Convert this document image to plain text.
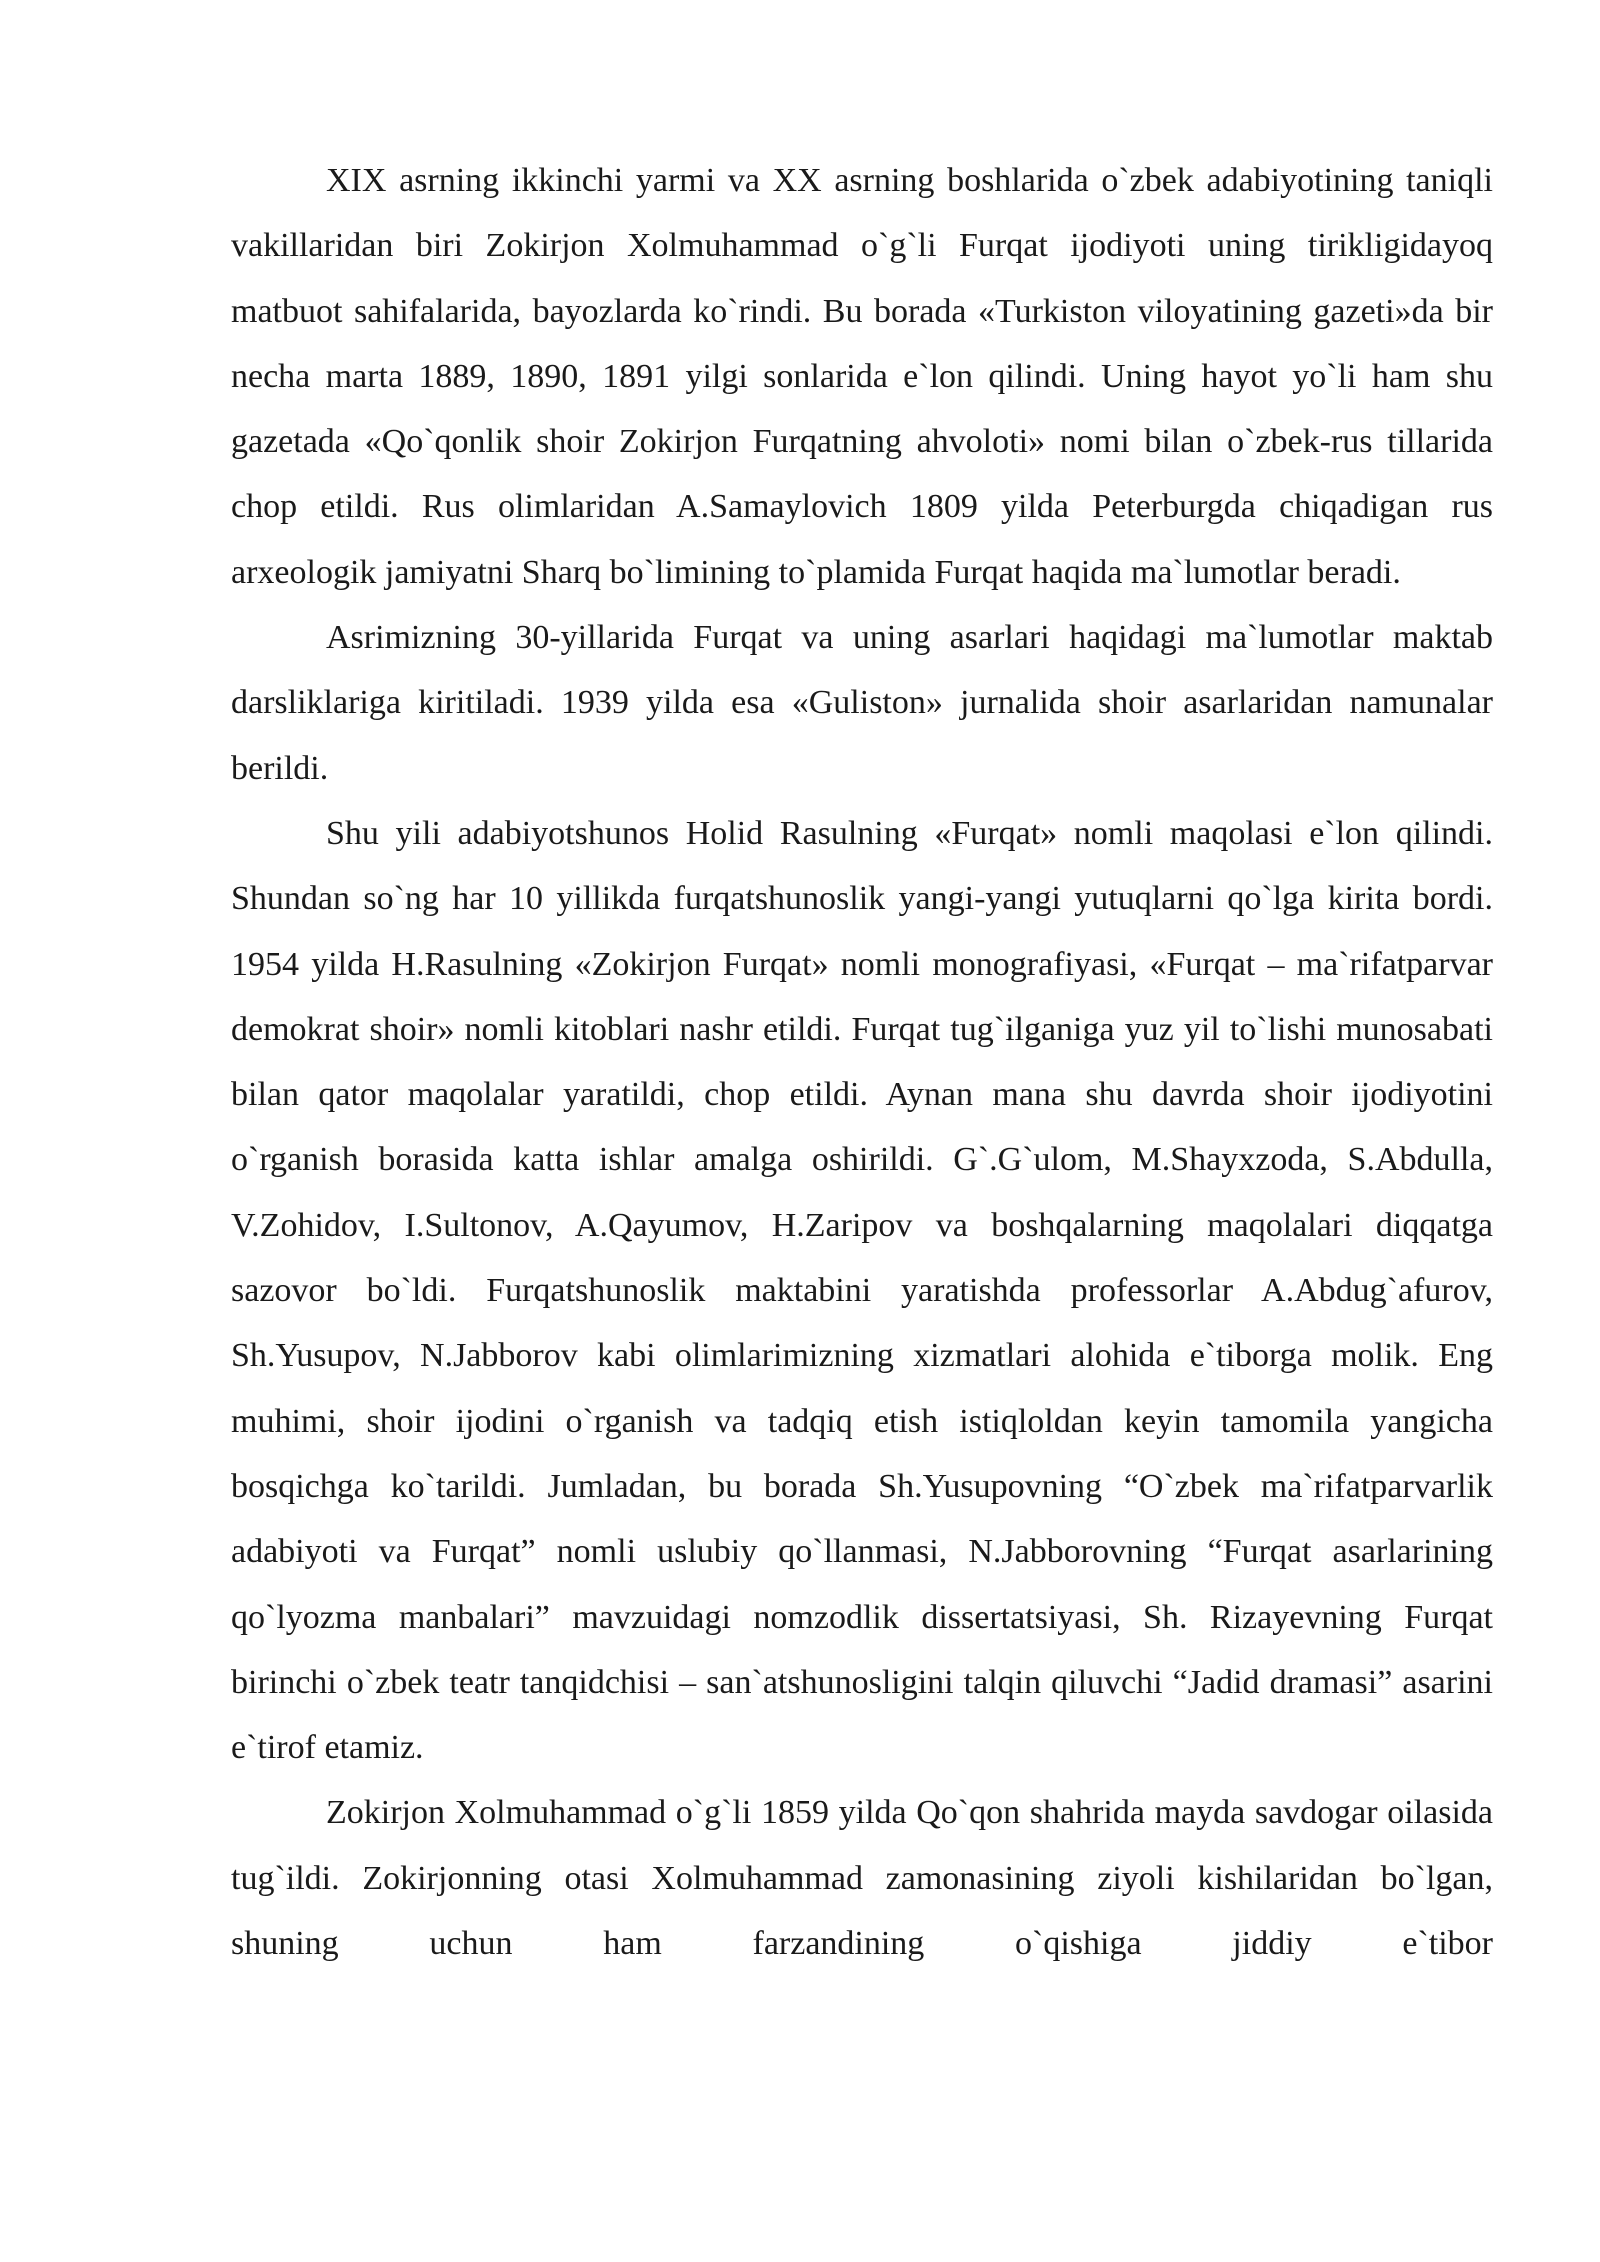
XIX asrning ikkinchi yarmi va XX asrning boshlarida o`zbek adabiyotining taniqli vakillaridan biri Zokirjon Xolmuhammad o`g`li Furqat ijodiyoti uning tirikligidayoq matbuot sahifalarida, bayozlarda ko`rindi. Bu borada «Turkiston viloyatining gazeti»da bir necha marta 1889, 1890, 1891 yilgi sonlarida e`lon qilindi. Uning hayot yo`li ham shu gazetada «Qo`qonlik shoir Zokirjon Furqatning ahvoloti» nomi bilan o`zbek-rus tillarida chop etildi. Rus olimlaridan A.Samaylovich 1809 yilda Peterburgda chiqadigan rus arxeologik jamiyatni Sharq bo`limining to`plamida Furqat haqida ma`lumotlar beradi.

Asrimizning 30-yillarida Furqat va uning asarlari haqidagi ma`lumotlar maktab darsliklariga kiritiladi. 1939 yilda esa «Guliston» jurnalida shoir asarlaridan namunalar berildi.

Shu yili adabiyotshunos Holid Rasulning «Furqat» nomli maqolasi e`lon qilindi. Shundan so`ng har 10 yillikda furqatshunoslik yangi-yangi yutuqlarni qo`lga kirita bordi. 1954 yilda H.Rasulning «Zokirjon Furqat» nomli monografiyasi, «Furqat – ma`rifatparvar demokrat shoir» nomli kitoblari nashr etildi. Furqat tug`ilganiga yuz yil to`lishi munosabati bilan qator maqolalar yaratildi, chop etildi. Aynan mana shu davrda shoir ijodiyotini o`rganish borasida katta ishlar amalga oshirildi. G`.G`ulom, M.Shayxzoda, S.Abdulla, V.Zohidov, I.Sultonov, A.Qayumov, H.Zaripov va boshqalarning maqolalari diqqatga sazovor bo`ldi. Furqatshunoslik maktabini yaratishda professorlar A.Abdug`afurov, Sh.Yusupov, N.Jabborov kabi olimlarimizning xizmatlari alohida e`tiborga molik. Eng muhimi, shoir ijodini o`rganish va tadqiq etish istiqloldan keyin tamomila yangicha bosqichga ko`tarildi. Jumladan, bu borada Sh.Yusupovning “O`zbek ma`rifatparvarlik adabiyoti va Furqat” nomli uslubiy qo`llanmasi, N.Jabborovning “Furqat asarlarining qo`lyozma manbalari” mavzuidagi nomzodlik dissertatsiyasi, Sh. Rizayevning Furqat birinchi o`zbek teatr tanqidchisi – san`atshunosligini talqin qiluvchi “Jadid dramasi” asarini e`tirof etamiz.

Zokirjon Xolmuhammad o`g`li 1859 yilda Qo`qon shahrida mayda savdogar oilasida tug`ildi. Zokirjonning otasi Xolmuhammad zamonasining ziyoli kishilaridan bo`lgan, shuning uchun ham farzandining o`qishiga jiddiy e`tibor
